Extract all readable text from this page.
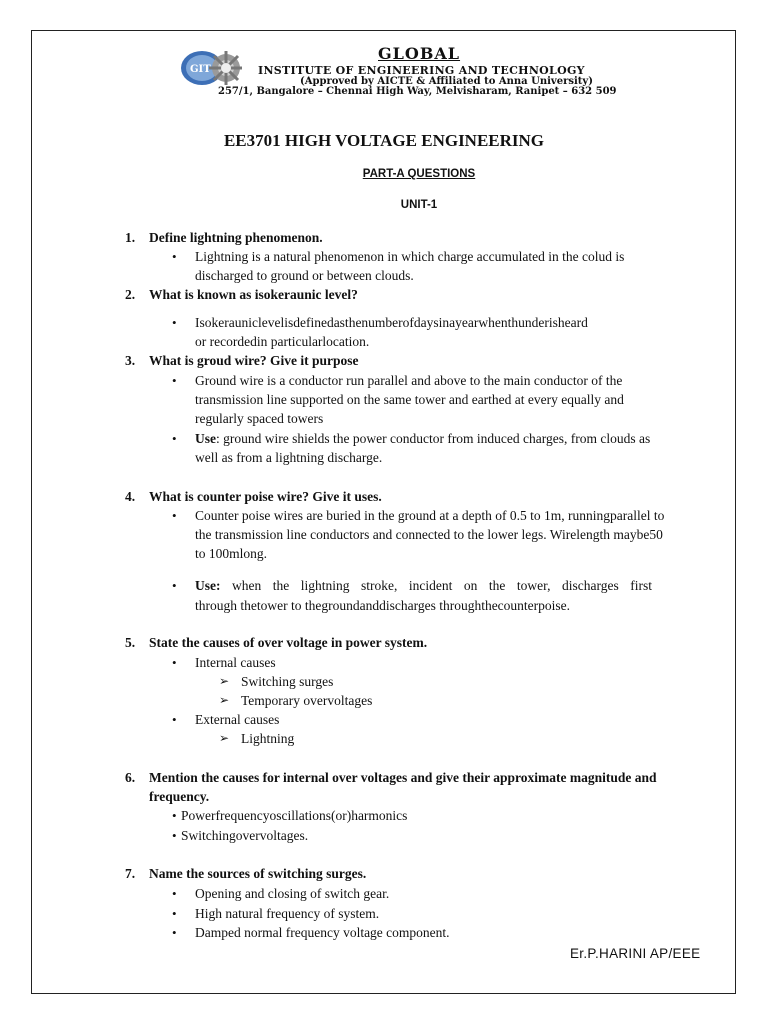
GIT
GLOBAL
INSTITUTE OF ENGINEERING AND TECHNOLOGY
(Approved by AICTE & Affiliated to Anna University)
257/1, Bangalore – Chennai High Way, Melvisharam, Ranipet – 632 509
EE3701 HIGH VOLTAGE ENGINEERING
PART-A QUESTIONS
UNIT-1
1. Define lightning phenomenon.
• Lightning is a natural phenomenon in which charge accumulated in the colud is
discharged to ground or between clouds.
2. What is known as isokeraunic level?
• Isokerauniclevelisdefinedasthenumberofdaysinayearwhenthunderisheard
or recordedin particularlocation.
3. What is groud wire? Give it purpose
• Ground wire is a conductor run parallel and above to the main conductor of the
transmission line supported on the same tower and earthed at every equally and
regularly spaced towers
• Use: ground wire shields the power conductor from induced charges, from clouds as
well as from a lightning discharge.
4. What is counter poise wire? Give it uses.
• Counter poise wires are buried in the ground at a depth of 0.5 to 1m, runningparallel to
the transmission line conductors and connected to the lower legs. Wirelength maybe50
to 100mlong.
• Use: when the lightning stroke, incident on the tower, discharges first
through thetower to thegroundanddischarges throughthecounterpoise.
5. State the causes of over voltage in power system.
• Internal causes
➢ Switching surges
➢ Temporary overvoltages
• External causes
➢ Lightning
6. Mention the causes for internal over voltages and give their approximate magnitude and
frequency.
• Powerfrequencyoscillations(or)harmonics
• Switchingovervoltages.
7. Name the sources of switching surges.
• Opening and closing of switch gear.
• High natural frequency of system.
• Damped normal frequency voltage component.
Er.P.HARINI AP/EEE
